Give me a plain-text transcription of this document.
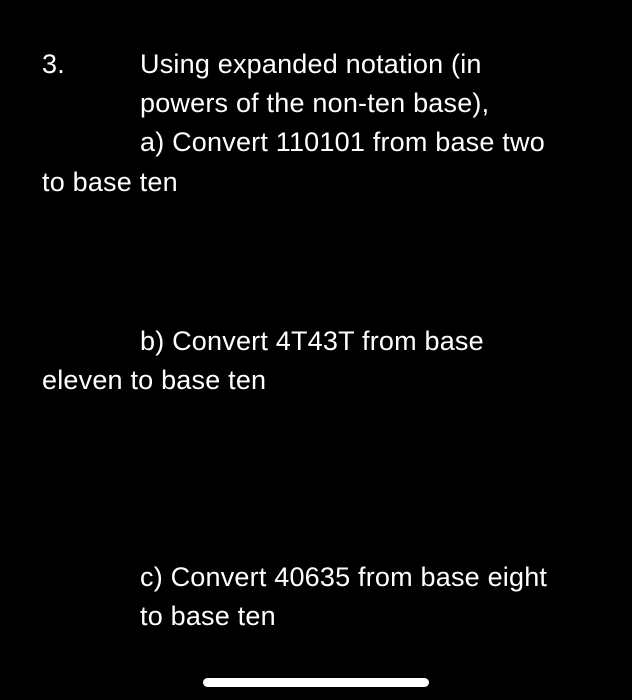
3.	Using expanded notation (in
powers of the non-ten base),
a) Convert 110101 from base two
to base ten
b) Convert 4T43T from base
eleven to base ten
c) Convert 40635 from base eight
to base ten
